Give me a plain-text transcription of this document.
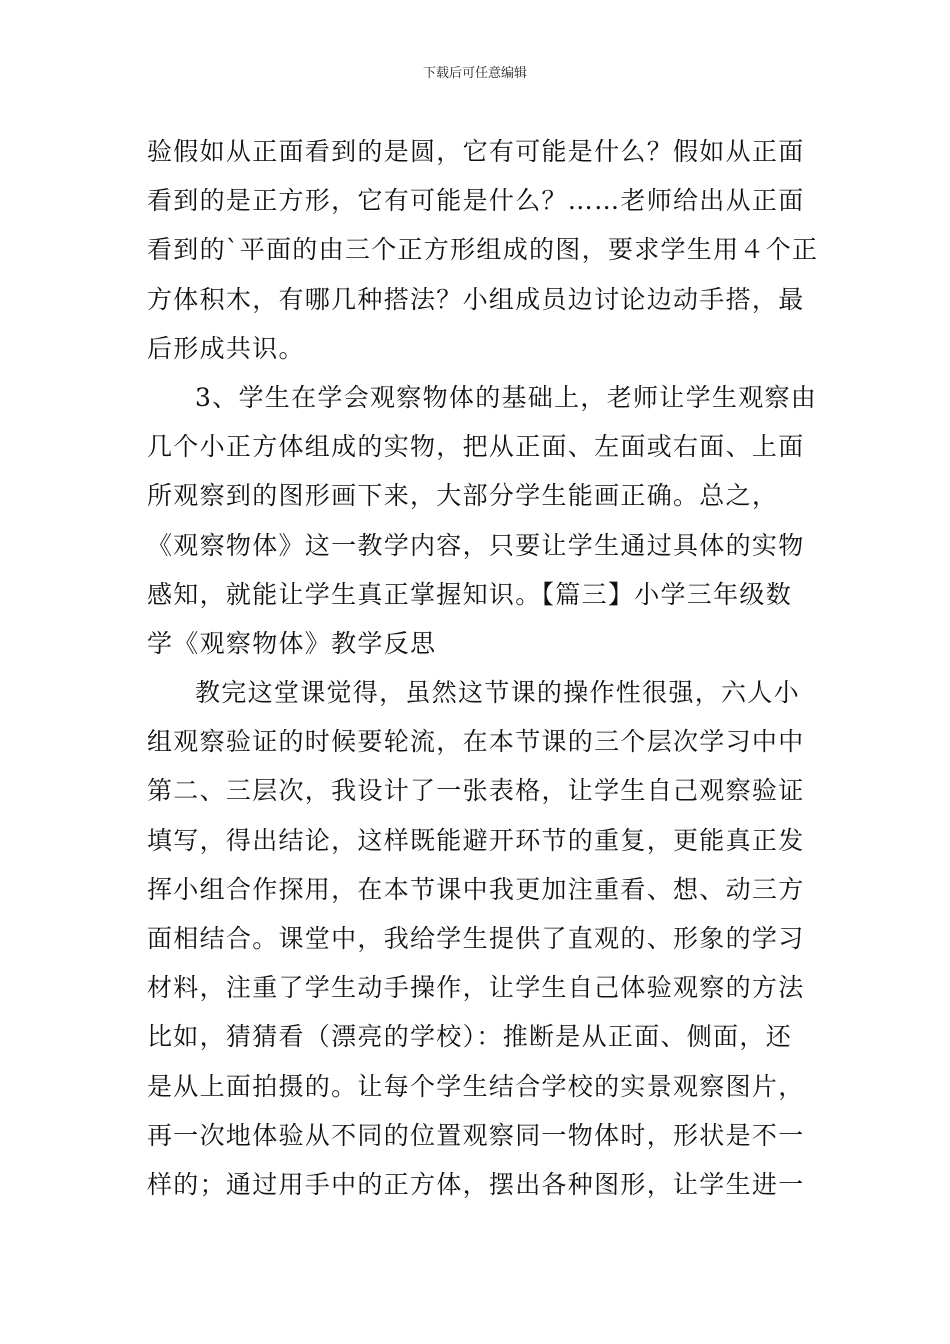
下载后可任意编辑

验假如从正面看到的是圆，它有可能是什么？假如从正面
看到的是正方形，它有可能是什么？……老师给出从正面
看到的`平面的由三个正方形组成的图，要求学生用４个正
方体积木，有哪几种搭法？小组成员边讨论边动手搭，最
后形成共识。

3、学生在学会观察物体的基础上，老师让学生观察由
几个小正方体组成的实物，把从正面、左面或右面、上面
所观察到的图形画下来，大部分学生能画正确。总之，
《观察物体》这一教学内容，只要让学生通过具体的实物
感知，就能让学生真正掌握知识。【篇三】小学三年级数
学《观察物体》教学反思

教完这堂课觉得，虽然这节课的操作性很强，六人小
组观察验证的时候要轮流，在本节课的三个层次学习中中
第二、三层次，我设计了一张表格，让学生自己观察验证
填写，得出结论，这样既能避开环节的重复，更能真正发
挥小组合作探用，在本节课中我更加注重看、想、动三方
面相结合。课堂中，我给学生提供了直观的、形象的学习
材料，注重了学生动手操作，让学生自己体验观察的方法
比如，猜猜看（漂亮的学校）：推断是从正面、侧面，还
是从上面拍摄的。让每个学生结合学校的实景观察图片，
再一次地体验从不同的位置观察同一物体时，形状是不一
样的；通过用手中的正方体，摆出各种图形，让学生进一
